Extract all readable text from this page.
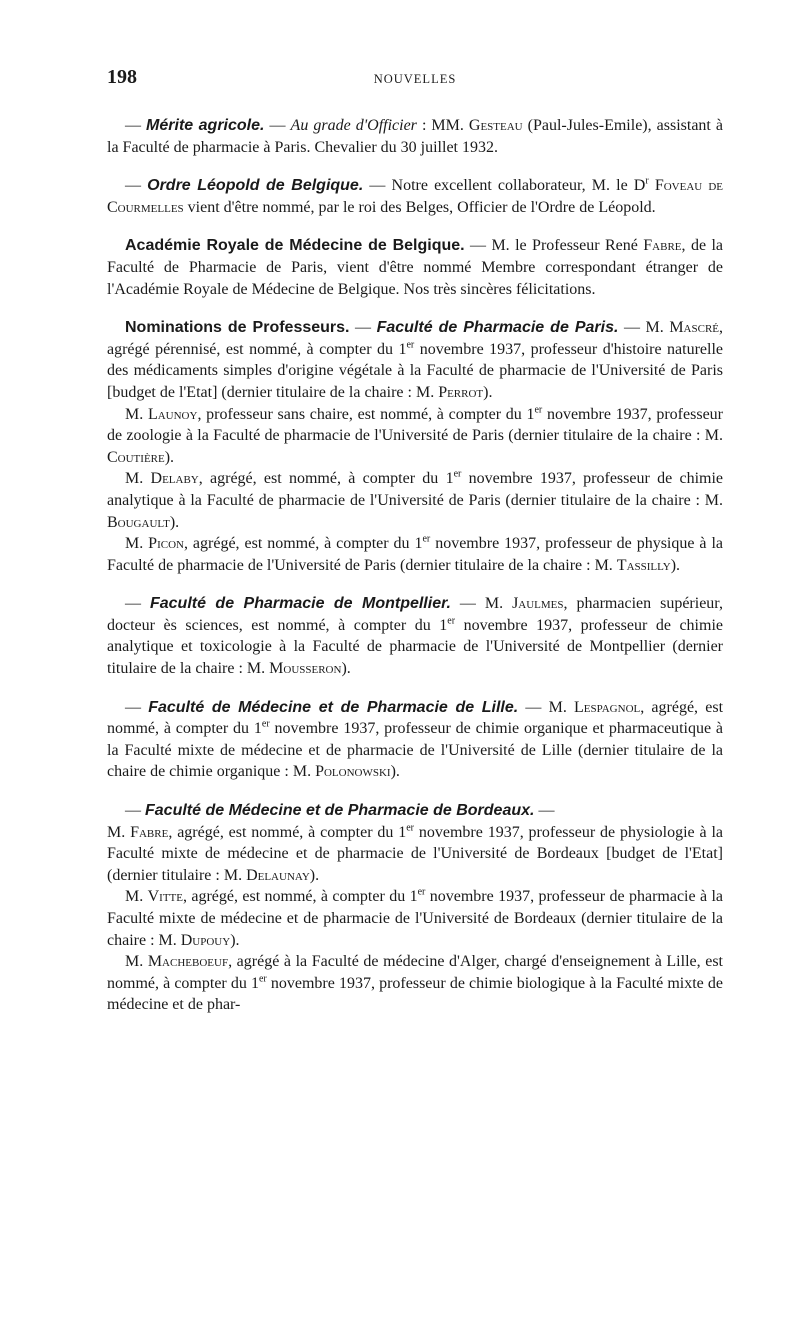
198	NOUVELLES

— Mérite agricole. — Au grade d'Officier : MM. Gesteau (Paul-Jules-Emile), assistant à la Faculté de pharmacie à Paris. Chevalier du 30 juillet 1932.

— Ordre Léopold de Belgique. — Notre excellent collaborateur, M. le $D^r$ Foveau de Courmelles vient d'être nommé, par le roi des Belges, Officier de l'Ordre de Léopold.

Académie Royale de Médecine de Belgique. — M. le Professeur René Fabre, de la Faculté de Pharmacie de Paris, vient d'être nommé Membre correspondant étranger de l'Académie Royale de Médecine de Belgique. Nos très sincères félicitations.

Nominations de Professeurs. — Faculté de Pharmacie de Paris. — M. Mascré, agrégé pérennisé, est nommé, à compter du 1er novembre 1937, professeur d'histoire naturelle des médicaments simples d'origine végétale à la Faculté de pharmacie de l'Université de Paris [budget de l'Etat] (dernier titulaire de la chaire : M. Perrot).

M. Launoy, professeur sans chaire, est nommé, à compter du 1er novembre 1937, professeur de zoologie à la Faculté de pharmacie de l'Université de Paris (dernier titulaire de la chaire : M. Coutière).

M. Delaby, agrégé, est nommé, à compter du 1er novembre 1937, professeur de chimie analytique à la Faculté de pharmacie de l'Université de Paris (dernier titulaire de la chaire : M. Bougault).

M. Picon, agrégé, est nommé, à compter du 1er novembre 1937, professeur de physique à la Faculté de pharmacie de l'Université de Paris (dernier titulaire de la chaire : M. Tassilly).

— Faculté de Pharmacie de Montpellier. — M. Jaulmes, pharmacien supérieur, docteur ès sciences, est nommé, à compter du 1er novembre 1937, professeur de chimie analytique et toxicologie à la Faculté de pharmacie de l'Université de Montpellier (dernier titulaire de la chaire : M. Mousseron).

— Faculté de Médecine et de Pharmacie de Lille. — M. Lespagnol, agrégé, est nommé, à compter du 1er novembre 1937, professeur de chimie organique et pharmaceutique à la Faculté mixte de médecine et de pharmacie de l'Université de Lille (dernier titulaire de la chaire de chimie organique : M. Polonowski).

— Faculté de Médecine et de Pharmacie de Bordeaux. —

M. Fabre, agrégé, est nommé, à compter du 1er novembre 1937, professeur de physiologie à la Faculté mixte de médecine et de pharmacie de l'Université de Bordeaux [budget de l'Etat] (dernier titulaire : M. Delaunay).

M. Vitte, agrégé, est nommé, à compter du 1er novembre 1937, professeur de pharmacie à la Faculté mixte de médecine et de pharmacie de l'Université de Bordeaux (dernier titulaire de la chaire : M. Dupouy).

M. Macheboeuf, agrégé à la Faculté de médecine d'Alger, chargé d'enseignement à Lille, est nommé, à compter du 1er novembre 1937, professeur de chimie biologique à la Faculté mixte de médecine et de phar-
